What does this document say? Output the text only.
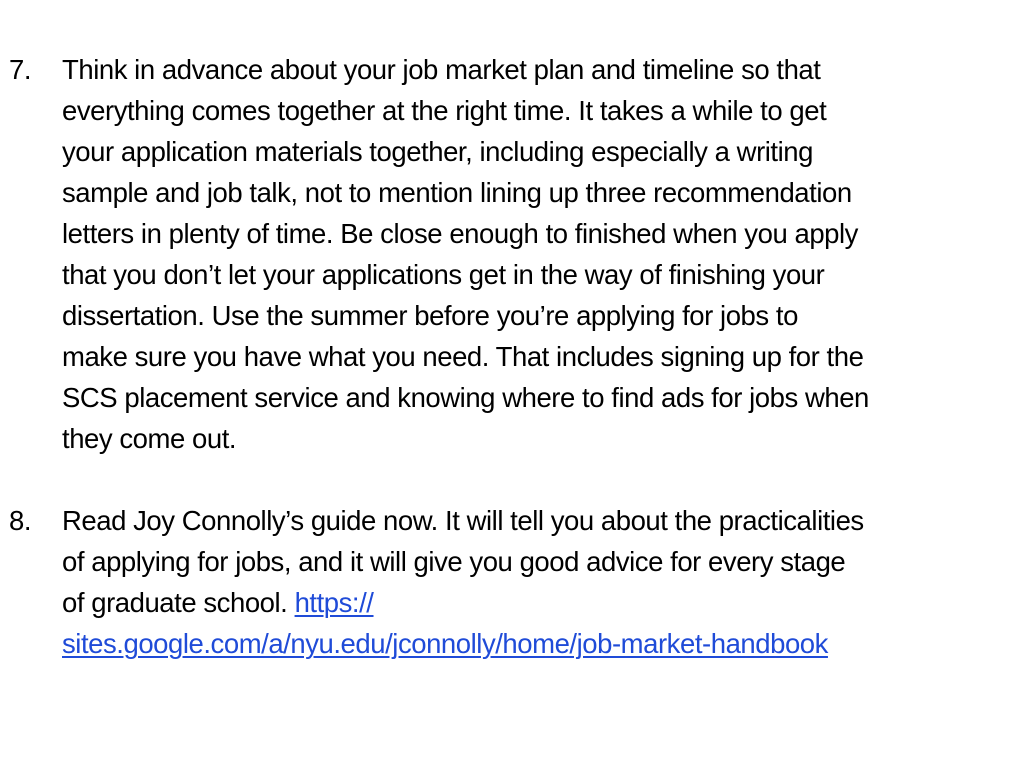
7. Think in advance about your job market plan and timeline so that
everything comes together at the right time. It takes a while to get
your application materials together, including especially a writing
sample and job talk, not to mention lining up three recommendation
letters in plenty of time. Be close enough to finished when you apply
that you don’t let your applications get in the way of finishing your
dissertation. Use the summer before you’re applying for jobs to
make sure you have what you need. That includes signing up for the
SCS placement service and knowing where to find ads for jobs when
they come out.
8. Read Joy Connolly’s guide now. It will tell you about the practicalities
of applying for jobs, and it will give you good advice for every stage
of graduate school. https://
sites.google.com/a/nyu.edu/jconnolly/home/job-market-handbook
